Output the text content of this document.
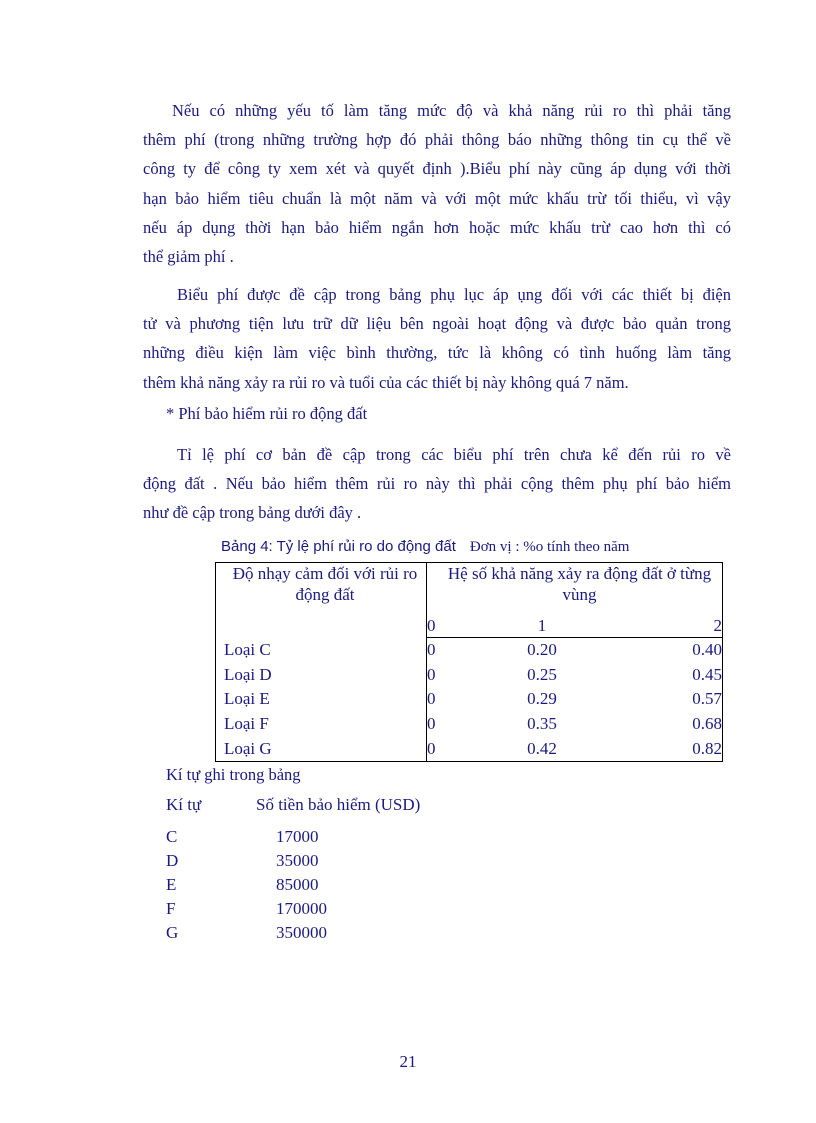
Nếu có những yếu tố làm tăng mức độ và khả năng rủi ro thì phải tăng
thêm phí (trong những trường hợp đó phải thông báo những thông tin cụ thể về
công ty để công ty xem xét và quyết định ).Biểu phí này cũng áp dụng với thời
hạn bảo hiểm tiêu chuẩn là một năm và với một mức khấu trừ tối thiểu, vì vậy
nếu áp dụng thời hạn bảo hiểm ngắn hơn hoặc mức khấu trừ cao hơn thì có
thể giảm phí .
Biểu phí được đề cập trong bảng phụ lục áp ụng đối với các thiết bị điện
tử và phương tiện lưu trữ dữ liệu bên ngoài hoạt động và được bảo quản trong
những điều kiện làm việc bình thường, tức là không có tình huống làm tăng
thêm khả năng xảy ra rủi ro và tuổi của các thiết bị này không quá 7 năm.
* Phí bảo hiểm rủi ro động đất
Tỉ lệ phí cơ bản đề cập trong các biểu phí trên chưa kể đến rủi ro về
động đất . Nếu bảo hiểm thêm rủi ro này thì phải cộng thêm phụ phí bảo hiểm
như đề cập trong bảng dưới đây .
Bảng 4: Tỷ lệ phí rủi ro do động đất Đơn vị : %o tính theo năm
Độ nhạy cảm đối với rủi ro động đất	Hệ số khả năng xảy ra động đất ở từng vùng		
	0	1	2
Loại C	0	0.20	0.40
Loại D	0	0.25	0.45
Loại E	0	0.29	0.57
Loại F	0	0.35	0.68
Loại G	0	0.42	0.82
Kí tự ghi trong bảng
Kí tự	Số tiền bảo hiểm (USD)
C	17000
D	35000
E	85000
F	170000
G	350000
21
